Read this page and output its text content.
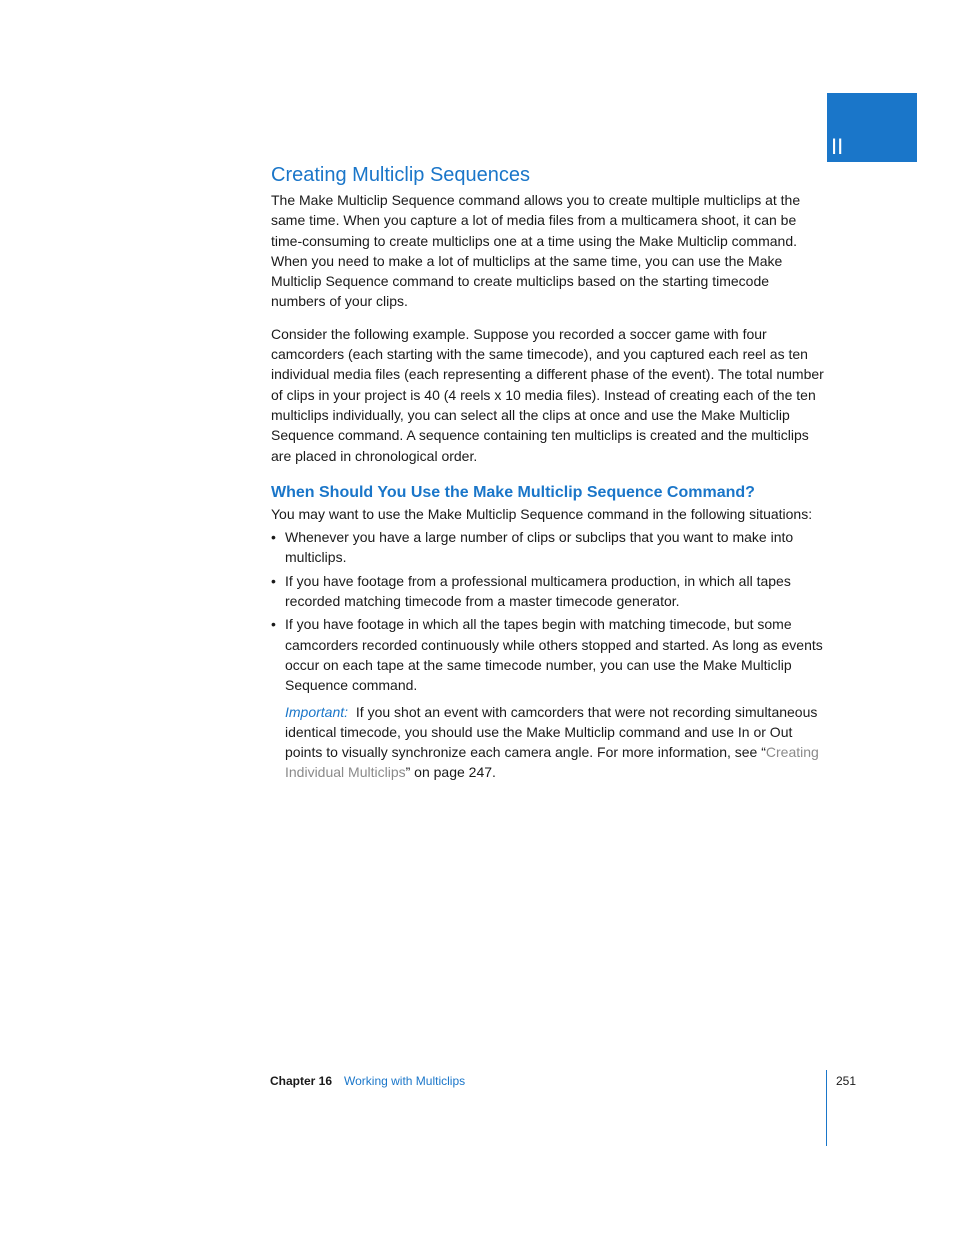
II
Creating Multiclip Sequences

The Make Multiclip Sequence command allows you to create multiple multiclips at the same time. When you capture a lot of media files from a multicamera shoot, it can be time-consuming to create multiclips one at a time using the Make Multiclip command. When you need to make a lot of multiclips at the same time, you can use the Make Multiclip Sequence command to create multiclips based on the starting timecode numbers of your clips.

Consider the following example. Suppose you recorded a soccer game with four camcorders (each starting with the same timecode), and you captured each reel as ten individual media files (each representing a different phase of the event). The total number of clips in your project is 40 (4 reels x 10 media files). Instead of creating each of the ten multiclips individually, you can select all the clips at once and use the Make Multiclip Sequence command. A sequence containing ten multiclips is created and the multiclips are placed in chronological order.

When Should You Use the Make Multiclip Sequence Command?

You may want to use the Make Multiclip Sequence command in the following situations:

• Whenever you have a large number of clips or subclips that you want to make into multiclips.
• If you have footage from a professional multicamera production, in which all tapes recorded matching timecode from a master timecode generator.
• If you have footage in which all the tapes begin with matching timecode, but some camcorders recorded continuously while others stopped and started. As long as events occur on each tape at the same timecode number, you can use the Make Multiclip Sequence command.

Important: If you shot an event with camcorders that were not recording simultaneous identical timecode, you should use the Make Multiclip command and use In or Out points to visually synchronize each camera angle. For more information, see “Creating Individual Multiclips” on page 247.

Chapter 16 Working with Multiclips	251
